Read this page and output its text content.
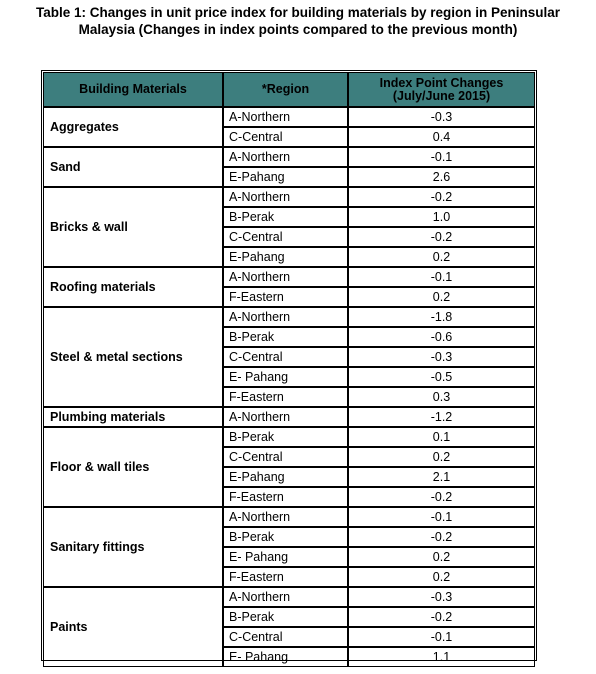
Table 1: Changes in unit price index for building materials by region in Peninsular
Malaysia (Changes in index points compared to the previous month)
Building Materials	*Region	Index Point Changes
(July/June 2015)

Aggregates	A-Northern	-0.3
	C-Central	0.4
Sand	A-Northern	-0.1
	E-Pahang	2.6
Bricks & wall	A-Northern	-0.2
	B-Perak	1.0
	C-Central	-0.2
	E-Pahang	0.2
Roofing materials	A-Northern	-0.1
	F-Eastern	0.2
Steel & metal sections	A-Northern	-1.8
	B-Perak	-0.6
	C-Central	-0.3
	E- Pahang	-0.5
	F-Eastern	0.3
Plumbing materials	A-Northern	-1.2
Floor & wall tiles	B-Perak	0.1
	C-Central	0.2
	E-Pahang	2.1
	F-Eastern	-0.2
Sanitary fittings	A-Northern	-0.1
	B-Perak	-0.2
	E- Pahang	0.2
	F-Eastern	0.2
Paints	A-Northern	-0.3
	B-Perak	-0.2
	C-Central	-0.1
	E- Pahang	1.1
